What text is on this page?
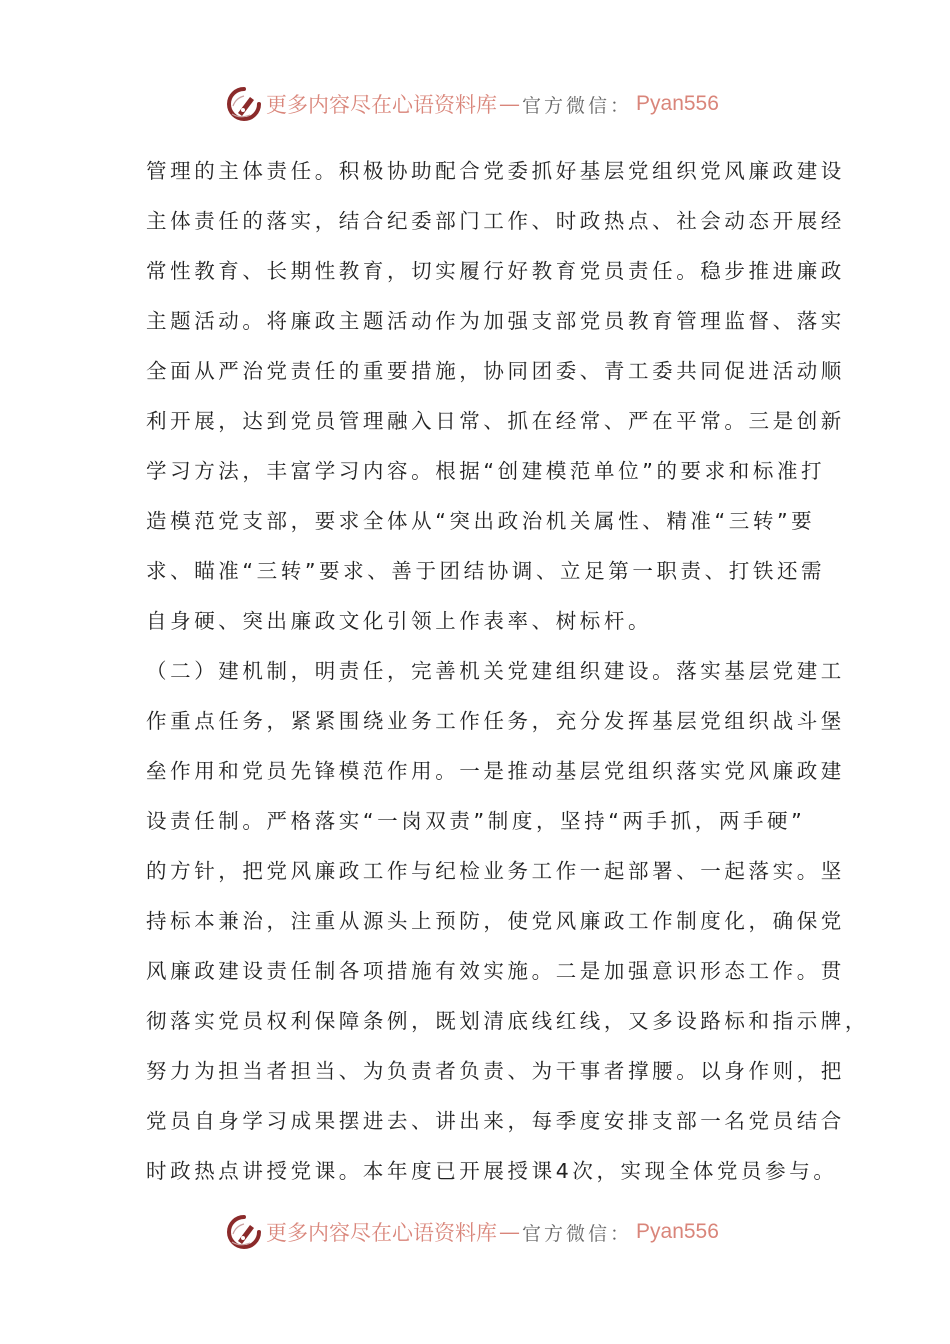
更多内容尽在心语资料库 — 官方微信： Pyan556
管理的主体责任。积极协助配合党委抓好基层党组织党风廉政建设
主体责任的落实，结合纪委部门工作、时政热点、社会动态开展经
常性教育、长期性教育，切实履行好教育党员责任。稳步推进廉政
主题活动。将廉政主题活动作为加强支部党员教育管理监督、落实
全面从严治党责任的重要措施，协同团委、青工委共同促进活动顺
利开展，达到党员管理融入日常、抓在经常、严在平常。三是创新
学习方法，丰富学习内容。根据“创建模范单位”的要求和标准打
造模范党支部，要求全体从“突出政治机关属性、精准“三转”要
求、瞄准“三转”要求、善于团结协调、立足第一职责、打铁还需
自身硬、突出廉政文化引领上作表率、树标杆。
（二）建机制，明责任，完善机关党建组织建设。落实基层党建工
作重点任务，紧紧围绕业务工作任务，充分发挥基层党组织战斗堡
垒作用和党员先锋模范作用。一是推动基层党组织落实党风廉政建
设责任制。严格落实“一岗双责”制度，坚持“两手抓，两手硬”
的方针，把党风廉政工作与纪检业务工作一起部署、一起落实。坚
持标本兼治，注重从源头上预防，使党风廉政工作制度化，确保党
风廉政建设责任制各项措施有效实施。二是加强意识形态工作。贯
彻落实党员权利保障条例，既划清底线红线，又多设路标和指示牌，
努力为担当者担当、为负责者负责、为干事者撑腰。以身作则，把
党员自身学习成果摆进去、讲出来，每季度安排支部一名党员结合
时政热点讲授党课。本年度已开展授课4次，实现全体党员参与。
更多内容尽在心语资料库 — 官方微信： Pyan556
